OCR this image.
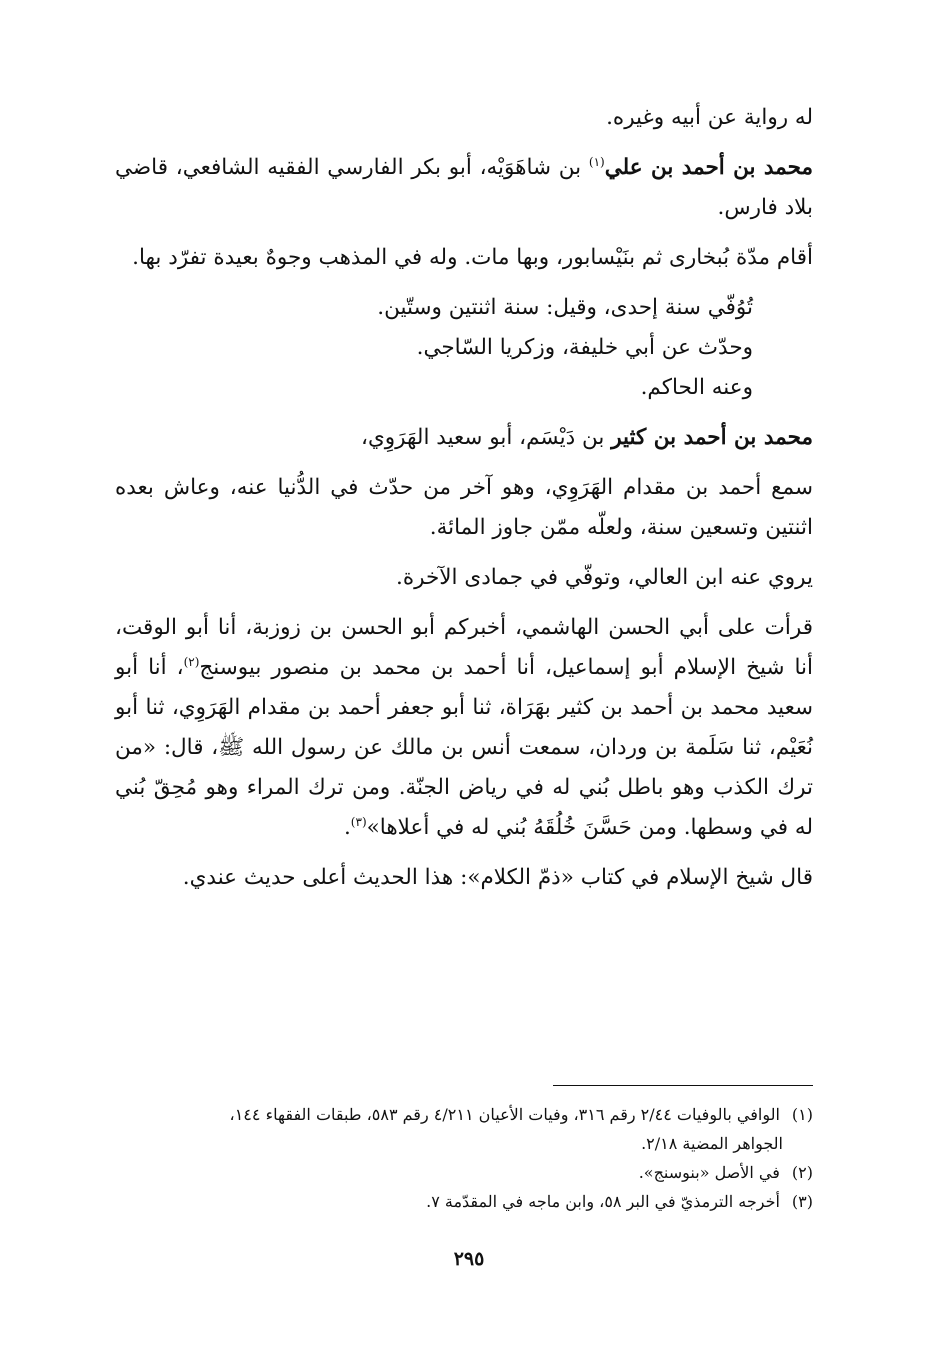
له رواية عن أبيه وغيره.

محمد بن أحمد بن علي$^{(١)}$ بن شاهَوَيْه، أبو بكر الفارسي الفقيه الشافعي، قاضي بلاد فارس.

أقام مدّة بُبخارى ثم بنَيْسابور، وبها مات. وله في المذهب وجوهٌ بعيدة تفرّد بها.

تُوُفّي سنة إحدى، وقيل: سنة اثنتين وستّين.

وحدّث عن أبي خليفة، وزكريا السّاجي.

وعنه الحاكم.

محمد بن أحمد بن كثير بن دَيْسَم، أبو سعيد الهَرَوِي،

سمع أحمد بن مقدام الهَرَوِي، وهو آخر من حدّث في الدُّنيا عنه، وعاش بعده اثنتين وتسعين سنة، ولعلّه ممّن جاوز المائة.

يروي عنه ابن العالي، وتوفّي في جمادى الآخرة.

قرأت على أبي الحسن الهاشمي، أخبركم أبو الحسن بن زوزبة، أنا أبو الوقت، أنا شيخ الإسلام أبو إسماعيل، أنا أحمد بن محمد بن منصور بيوسنج$^{(٢)}$، أنا أبو سعيد محمد بن أحمد بن كثير بهَرَاة، ثنا أبو جعفر أحمد بن مقدام الهَرَوِي، ثنا أبو نُعَيْم، ثنا سَلَمة بن وردان، سمعت أنس بن مالك عن رسول الله ﷺ، قال: «من ترك الكذب وهو باطل بُني له في رياض الجنّة. ومن ترك المراء وهو مُحِقّ بُني له في وسطها. ومن حَسَّنَ خُلُقَهُ بُني له في أعلاها»$^{(٣)}$.

قال شيخ الإسلام في كتاب «ذمّ الكلام»: هذا الحديث أعلى حديث عندي.

(١) الوافي بالوفيات ٢/٤٤ رقم ٣١٦، وفيات الأعيان ٤/٢١١ رقم ٥٨٣، طبقات الفقهاء ١٤٤،

الجواهر المضية ٢/١٨.

(٢) في الأصل «بنوسنج».

(٣) أخرجه الترمذيّ في البر ٥٨، وابن ماجه في المقدّمة ٧.

٢٩٥
